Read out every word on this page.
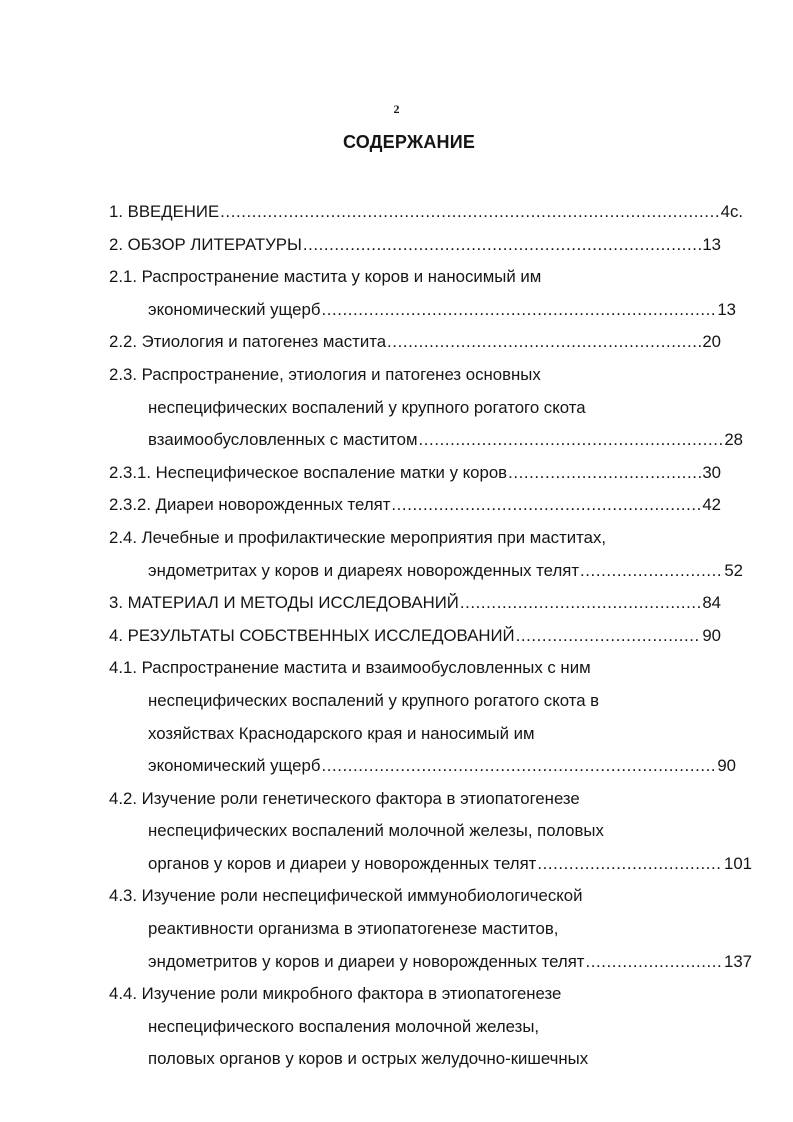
2
СОДЕРЖАНИЕ
1. ВВЕДЕНИЕ .....	4с.
2. ОБЗОР ЛИТЕРАТУРЫ .....	13
2.1. Распространение мастита у коров и наносимый им
экономический ущерб .....	13
2.2. Этиология и патогенез мастита .....	20
2.3. Распространение, этиология и патогенез основных
неспецифических воспалений у крупного рогатого скота
взаимообусловленных с маститом .....	28
2.3.1. Неспецифическое воспаление матки у коров .....	30
2.3.2. Диареи новорожденных телят .....	42
2.4. Лечебные и профилактические мероприятия при маститах,
эндометритах у коров и диареях новорожденных телят .....	52
3. МАТЕРИАЛ И МЕТОДЫ ИССЛЕДОВАНИЙ .....	84
4. РЕЗУЛЬТАТЫ СОБСТВЕННЫХ ИССЛЕДОВАНИЙ .....	90
4.1. Распространение мастита и взаимообусловленных с ним
неспецифических воспалений у крупного рогатого скота в
хозяйствах Краснодарского края и наносимый им
экономический ущерб .....	90
4.2. Изучение роли генетического фактора в этиопатогенезе
неспецифических воспалений молочной железы, половых
органов у коров и диареи у новорожденных телят .....	101
4.3. Изучение роли неспецифической иммунобиологической
реактивности организма в этиопатогенезе маститов,
эндометритов у коров и диареи у новорожденных телят .....	137
4.4. Изучение роли микробного фактора в этиопатогенезе
неспецифического воспаления молочной железы,
половых органов у коров и острых желудочно-кишечных
